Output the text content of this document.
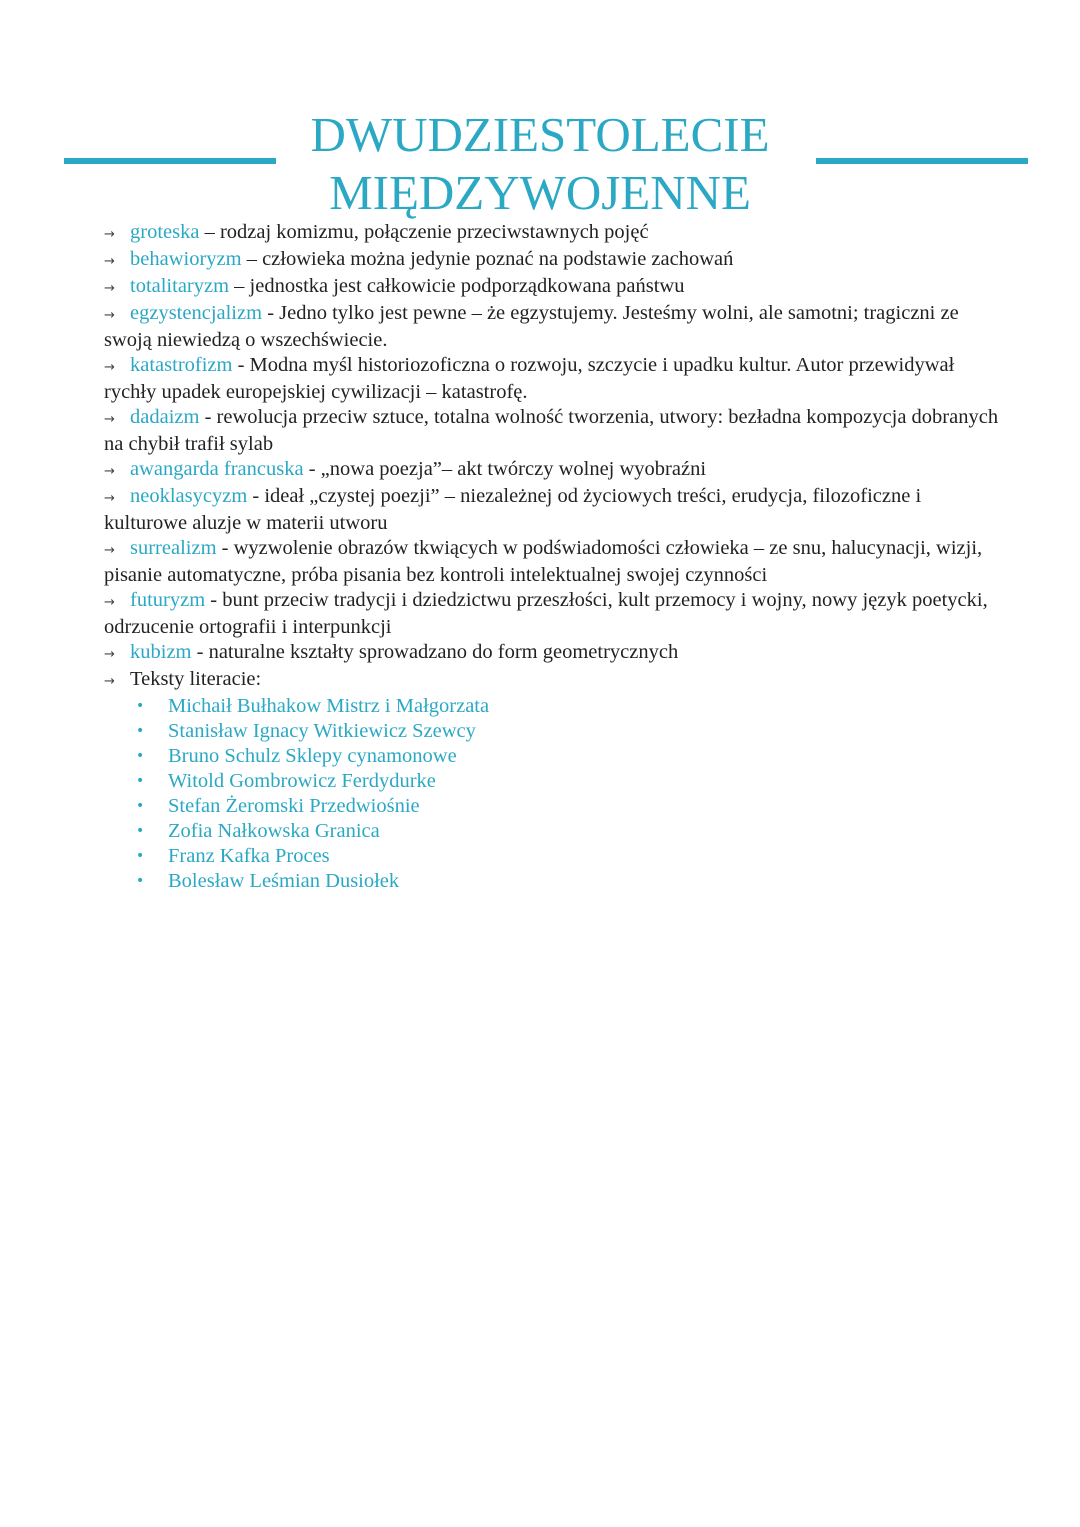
DWUDZIESTOLECIE
MIĘDZYWOJENNE

→ groteska – rodzaj komizmu, połączenie przeciwstawnych pojęć

→ behawioryzm – człowieka można jedynie poznać na podstawie zachowań

→ totalitaryzm – jednostka jest całkowicie podporządkowana państwu

→ egzystencjalizm - Jedno tylko jest pewne – że egzystujemy. Jesteśmy wolni, ale samotni; tragiczni ze swoją niewiedzą o wszechświecie.

→ katastrofizm - Modna myśl historiozoficzna o rozwoju, szczycie i upadku kultur. Autor przewidywał rychły upadek europejskiej cywilizacji – katastrofę.

→ dadaizm - rewolucja przeciw sztuce, totalna wolność tworzenia, utwory: bezładna kompozycja dobranych na chybił trafił sylab

→ awangarda francuska - „nowa poezja”– akt twórczy wolnej wyobraźni

→ neoklasycyzm - ideał „czystej poezji” – niezależnej od życiowych treści, erudycja, filozoficzne i kulturowe aluzje w materii utworu

→ surrealizm - wyzwolenie obrazów tkwiących w podświadomości człowieka – ze snu, halucynacji, wizji, pisanie automatyczne, próba pisania bez kontroli intelektualnej swojej czynności

→ futuryzm - bunt przeciw tradycji i dziedzictwu przeszłości, kult przemocy i wojny, nowy język poetycki, odrzucenie ortografii i interpunkcji

→ kubizm - naturalne kształty sprowadzano do form geometrycznych

→ Teksty literacie:

• Michaił Bułhakow Mistrz i Małgorzata
• Stanisław Ignacy Witkiewicz Szewcy
• Bruno Schulz Sklepy cynamonowe
• Witold Gombrowicz Ferdydurke
• Stefan Żeromski Przedwiośnie
• Zofia Nałkowska Granica
• Franz Kafka Proces
• Bolesław Leśmian Dusiołek
